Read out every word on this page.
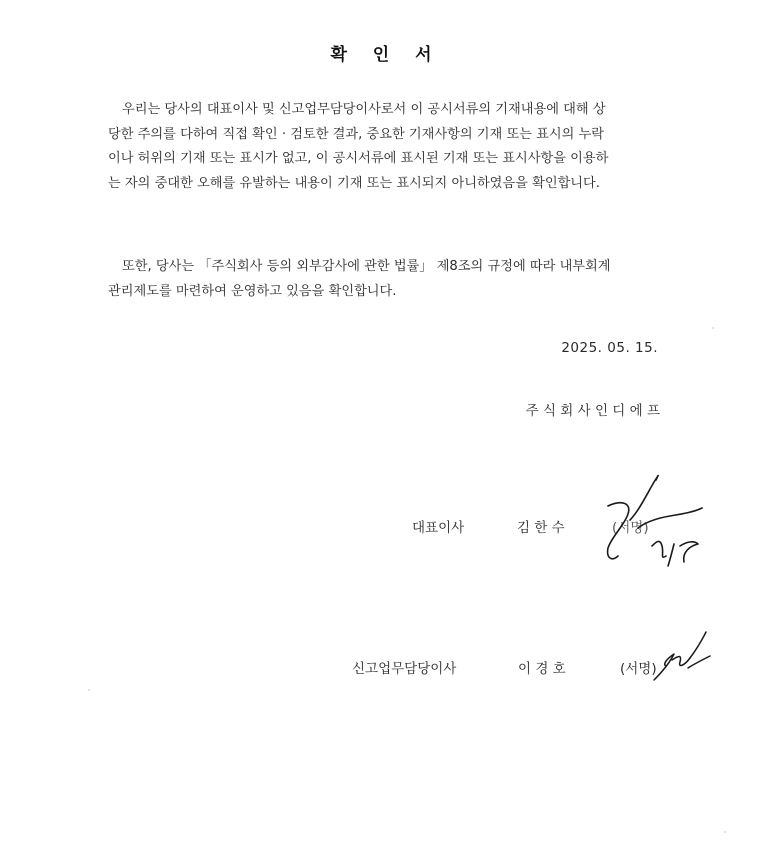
확 인 서
우리는 당사의 대표이사 및 신고업무담당이사로서 이 공시서류의 기재내용에 대해 상
당한 주의를 다하여 직접 확인 · 검토한 결과, 중요한 기재사항의 기재 또는 표시의 누락
이나 허위의 기재 또는 표시가 없고, 이 공시서류에 표시된 기재 또는 표시사항을 이용하
는 자의 중대한 오해를 유발하는 내용이 기재 또는 표시되지 아니하였음을 확인합니다.
또한, 당사는 「주식회사 등의 외부감사에 관한 법률」 제8조의 규정에 따라 내부회계
관리제도를 마련하여 운영하고 있음을 확인합니다.
2025. 05. 15.
주 식 회 사 인 디 에 프
대표이사	김 한 수	(서명)
신고업무담당이사	이 경 호	(서명)
